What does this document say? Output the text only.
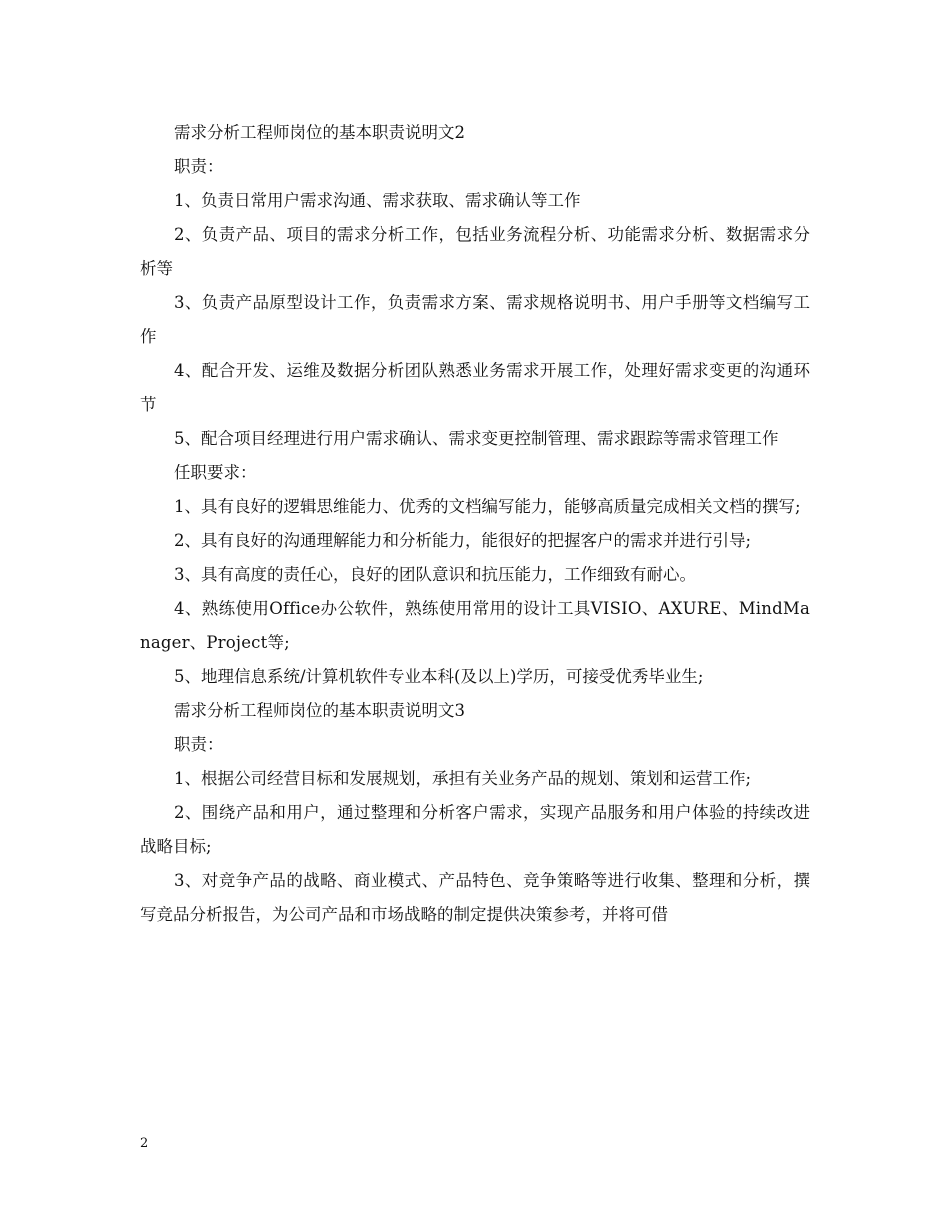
需求分析工程师岗位的基本职责说明文2

职责：

1、负责日常用户需求沟通、需求获取、需求确认等工作

2、负责产品、项目的需求分析工作，包括业务流程分析、功能需求分析、数据需求分析等

3、负责产品原型设计工作，负责需求方案、需求规格说明书、用户手册等文档编写工作

4、配合开发、运维及数据分析团队熟悉业务需求开展工作，处理好需求变更的沟通环节

5、配合项目经理进行用户需求确认、需求变更控制管理、需求跟踪等需求管理工作

任职要求：

1、具有良好的逻辑思维能力、优秀的文档编写能力，能够高质量完成相关文档的撰写;

2、具有良好的沟通理解能力和分析能力，能很好的把握客户的需求并进行引导;

3、具有高度的责任心，良好的团队意识和抗压能力，工作细致有耐心。

4、熟练使用Office办公软件，熟练使用常用的设计工具VISIO、AXURE、MindManager、Project等;

5、地理信息系统/计算机软件专业本科(及以上)学历，可接受优秀毕业生;

需求分析工程师岗位的基本职责说明文3

职责：

1、根据公司经营目标和发展规划，承担有关业务产品的规划、策划和运营工作;

2、围绕产品和用户，通过整理和分析客户需求，实现产品服务和用户体验的持续改进战略目标;

3、对竞争产品的战略、商业模式、产品特色、竞争策略等进行收集、整理和分析，撰写竞品分析报告，为公司产品和市场战略的制定提供决策参考，并将可借

2
